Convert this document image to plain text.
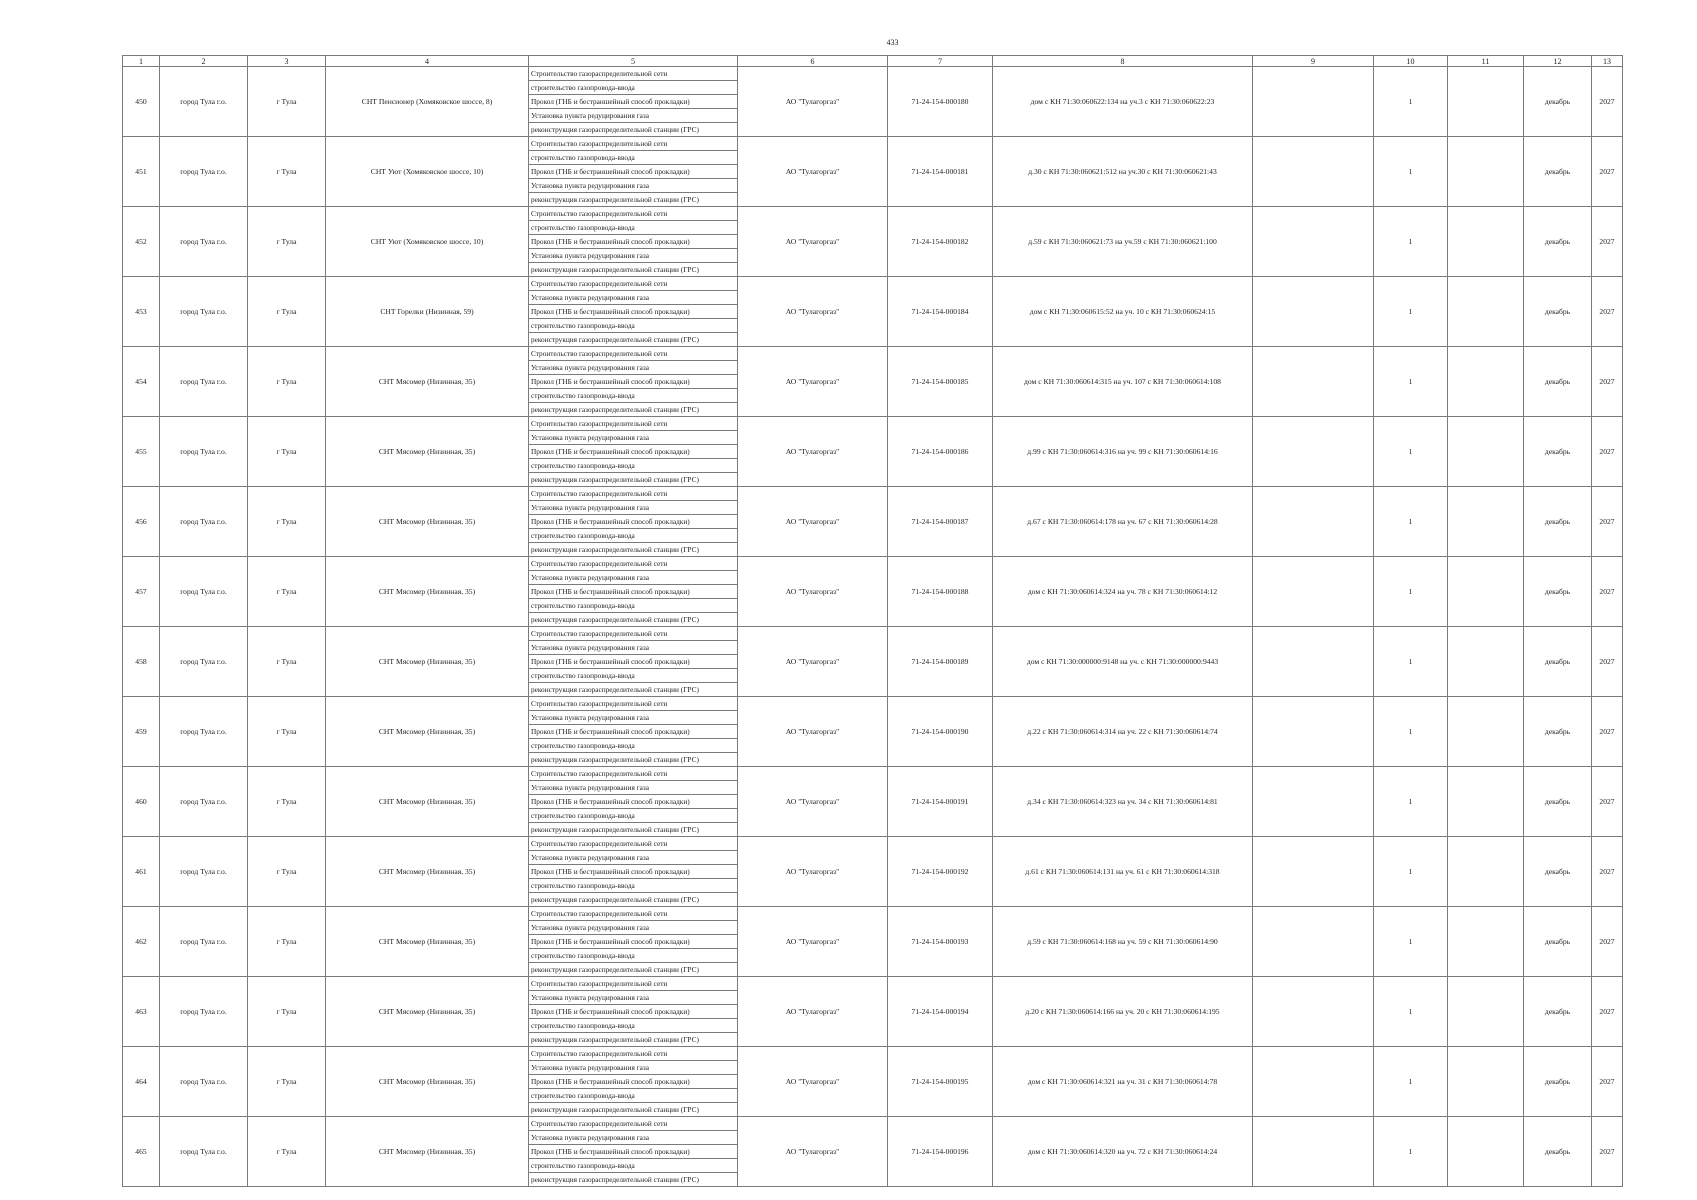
433
1	2	3	4	5	6	7	8	9	10	11	12	13
450	город Тула г.о.	г Тула	СНТ Пенсионер (Хомяковское шоссе, 8)	Строительство газораспределительной сети	АО "Тулагоргаз"	71-24-154-000180	дом с КН 71:30:060622:134 на уч.3 с КН 71:30:060622:23		1		декабрь	2027
				строительство газопровода-ввода								
				Прокол (ГНБ и бестраншейный способ прокладки)								
				Установка пункта редуцирования газа								
				реконструкция газораспределительной станции (ГРС)								
451	город Тула г.о.	г Тула	СНТ Уют (Хомяковское шоссе, 10)	Строительство газораспределительной сети	АО "Тулагоргаз"	71-24-154-000181	д.30 с КН 71:30:060621:512 на уч.30 с КН 71:30:060621:43		1		декабрь	2027
				строительство газопровода-ввода								
				Прокол (ГНБ и бестраншейный способ прокладки)								
				Установка пункта редуцирования газа								
				реконструкция газораспределительной станции (ГРС)								
452	город Тула г.о.	г Тула	СНТ Уют (Хомяковское шоссе, 10)	Строительство газораспределительной сети	АО "Тулагоргаз"	71-24-154-000182	д.59 с КН 71:30:060621:73 на уч.59 с КН 71:30:060621:100		1		декабрь	2027
				строительство газопровода-ввода								
				Прокол (ГНБ и бестраншейный способ прокладки)								
				Установка пункта редуцирования газа								
				реконструкция газораспределительной станции (ГРС)								
453	город Тула г.о.	г Тула	СНТ Горелки (Низинная, 59)	Строительство газораспределительной сети	АО "Тулагоргаз"	71-24-154-000184	дом с КН 71:30:060615:52 на уч. 10 с КН 71:30:060624:15		1		декабрь	2027
				Установка пункта редуцирования газа								
				Прокол (ГНБ и бестраншейный способ прокладки)								
				строительство газопровода-ввода								
				реконструкция газораспределительной станции (ГРС)								
454	город Тула г.о.	г Тула	СНТ Мясомер (Низинная, 35)	Строительство газораспределительной сети	АО "Тулагоргаз"	71-24-154-000185	дом с КН 71:30:060614:315 на уч. 107 с КН 71:30:060614:108		1		декабрь	2027
				Установка пункта редуцирования газа								
				Прокол (ГНБ и бестраншейный способ прокладки)								
				строительство газопровода-ввода								
				реконструкция газораспределительной станции (ГРС)								
455	город Тула г.о.	г Тула	СНТ Мясомер (Низинная, 35)	Строительство газораспределительной сети	АО "Тулагоргаз"	71-24-154-000186	д.99 с КН 71:30:060614:316 на уч. 99 с КН 71:30:060614:16		1		декабрь	2027
				Установка пункта редуцирования газа								
				Прокол (ГНБ и бестраншейный способ прокладки)								
				строительство газопровода-ввода								
				реконструкция газораспределительной станции (ГРС)								
456	город Тула г.о.	г Тула	СНТ Мясомер (Низинная, 35)	Строительство газораспределительной сети	АО "Тулагоргаз"	71-24-154-000187	д.67 с КН 71:30:060614:178 на уч. 67 с КН 71:30:060614:28		1		декабрь	2027
				Установка пункта редуцирования газа								
				Прокол (ГНБ и бестраншейный способ прокладки)								
				строительство газопровода-ввода								
				реконструкция газораспределительной станции (ГРС)								
457	город Тула г.о.	г Тула	СНТ Мясомер (Низинная, 35)	Строительство газораспределительной сети	АО "Тулагоргаз"	71-24-154-000188	дом с КН 71:30:060614:324 на уч. 78 с КН 71:30:060614:12		1		декабрь	2027
				Установка пункта редуцирования газа								
				Прокол (ГНБ и бестраншейный способ прокладки)								
				строительство газопровода-ввода								
				реконструкция газораспределительной станции (ГРС)								
458	город Тула г.о.	г Тула	СНТ Мясомер (Низинная, 35)	Строительство газораспределительной сети	АО "Тулагоргаз"	71-24-154-000189	дом с КН 71:30:000000:9148 на уч. с КН 71:30:000000:9443		1		декабрь	2027
				Установка пункта редуцирования газа								
				Прокол (ГНБ и бестраншейный способ прокладки)								
				строительство газопровода-ввода								
				реконструкция газораспределительной станции (ГРС)								
459	город Тула г.о.	г Тула	СНТ Мясомер (Низинная, 35)	Строительство газораспределительной сети	АО "Тулагоргаз"	71-24-154-000190	д.22 с КН 71:30:060614:314 на уч. 22 с КН 71:30:060614:74		1		декабрь	2027
				Установка пункта редуцирования газа								
				Прокол (ГНБ и бестраншейный способ прокладки)								
				строительство газопровода-ввода								
				реконструкция газораспределительной станции (ГРС)								
460	город Тула г.о.	г Тула	СНТ Мясомер (Низинная, 35)	Строительство газораспределительной сети	АО "Тулагоргаз"	71-24-154-000191	д.34 с КН 71:30:060614:323 на уч. 34 с КН 71:30:060614:81		1		декабрь	2027
				Установка пункта редуцирования газа								
				Прокол (ГНБ и бестраншейный способ прокладки)								
				строительство газопровода-ввода								
				реконструкция газораспределительной станции (ГРС)								
461	город Тула г.о.	г Тула	СНТ Мясомер (Низинная, 35)	Строительство газораспределительной сети	АО "Тулагоргаз"	71-24-154-000192	д.61 с КН 71:30:060614:131 на уч. 61 с КН 71:30:060614:318		1		декабрь	2027
				Установка пункта редуцирования газа								
				Прокол (ГНБ и бестраншейный способ прокладки)								
				строительство газопровода-ввода								
				реконструкция газораспределительной станции (ГРС)								
462	город Тула г.о.	г Тула	СНТ Мясомер (Низинная, 35)	Строительство газораспределительной сети	АО "Тулагоргаз"	71-24-154-000193	д.59 с КН 71:30:060614:168 на уч. 59 с КН 71:30:060614:90		1		декабрь	2027
				Установка пункта редуцирования газа								
				Прокол (ГНБ и бестраншейный способ прокладки)								
				строительство газопровода-ввода								
				реконструкция газораспределительной станции (ГРС)								
463	город Тула г.о.	г Тула	СНТ Мясомер (Низинная, 35)	Строительство газораспределительной сети	АО "Тулагоргаз"	71-24-154-000194	д.20 с КН 71:30:060614:166 на уч. 20 с КН 71:30:060614:195		1		декабрь	2027
				Установка пункта редуцирования газа								
				Прокол (ГНБ и бестраншейный способ прокладки)								
				строительство газопровода-ввода								
				реконструкция газораспределительной станции (ГРС)								
464	город Тула г.о.	г Тула	СНТ Мясомер (Низинная, 35)	Строительство газораспределительной сети	АО "Тулагоргаз"	71-24-154-000195	дом с КН 71:30:060614:321 на уч. 31 с КН 71:30:060614:78		1		декабрь	2027
				Установка пункта редуцирования газа								
				Прокол (ГНБ и бестраншейный способ прокладки)								
				строительство газопровода-ввода								
				реконструкция газораспределительной станции (ГРС)								
465	город Тула г.о.	г Тула	СНТ Мясомер (Низинная, 35)	Строительство газораспределительной сети	АО "Тулагоргаз"	71-24-154-000196	дом с КН 71:30:060614:320 на уч. 72 с КН 71:30:060614:24		1		декабрь	2027
				Установка пункта редуцирования газа								
				Прокол (ГНБ и бестраншейный способ прокладки)								
				строительство газопровода-ввода								
				реконструкция газораспределительной станции (ГРС)								
